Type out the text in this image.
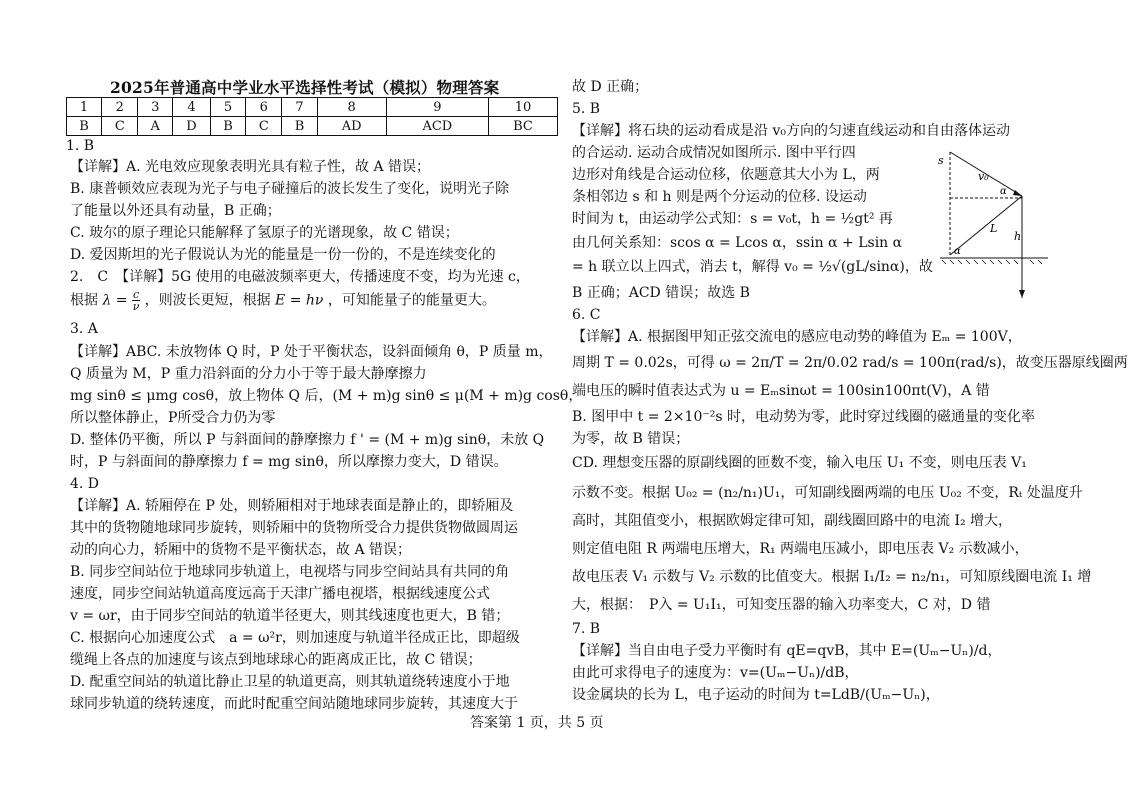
2025年普通高中学业水平选择性考试（模拟）物理答案
1	2	3	4	5	6	7	8	9	10
B	C	A	D	B	C	B	AD	ACD	BC
1. B
【详解】A. 光电效应现象表明光具有粒子性，故 A 错误；
B. 康普顿效应表现为光子与电子碰撞后的波长发生了变化，说明光子除
了能量以外还具有动量，B 正确；
C. 玻尔的原子理论只能解释了氢原子的光谱现象，故 C 错误；
D. 爱因斯坦的光子假说认为光的能量是一份一份的，不是连续变化的
2.　C　【详解】5G 使用的电磁波频率更大，传播速度不变，均为光速 c，
根据 $\lambda = \frac{c}{\nu}$ ，则波长更短，根据 E = hν ，可知能量子的能量更大。
3. A
【详解】ABC. 未放物体 Q 时，P 处于平衡状态，设斜面倾角 θ，P 质量 m，
Q 质量为 M，P 重力沿斜面的分力小于等于最大静摩擦力
mg sinθ ≤ μmg cosθ，放上物体 Q 后，(M + m)g sinθ ≤ μ(M + m)g cosθ，
所以整体静止，P所受合力仍为零
D. 整体仍平衡，所以 P 与斜面间的静摩擦力 f ' = (M + m)g sinθ，未放 Q
时，P 与斜面间的静摩擦力 f = mg sinθ，所以摩擦力变大，D 错误。
4. D
【详解】A. 轿厢停在 P 处，则轿厢相对于地球表面是静止的，即轿厢及
其中的货物随地球同步旋转，则轿厢中的货物所受合力提供货物做圆周运
动的向心力，轿厢中的货物不是平衡状态，故 A 错误；
B. 同步空间站位于地球同步轨道上，电视塔与同步空间站具有共同的角
速度，同步空间站轨道高度远高于天津广播电视塔，根据线速度公式
v = ωr，由于同步空间站的轨道半径更大，则其线速度也更大，B 错；
C. 根据向心加速度公式　a = ω²r，则加速度与轨道半径成正比，即超级
缆绳上各点的加速度与该点到地球球心的距离成正比，故 C 错误；
D. 配重空间站的轨道比静止卫星的轨道更高，则其轨道绕转速度小于地
球同步轨道的绕转速度，而此时配重空间站随地球同步旋转，其速度大于
故 D 正确；
5. B
【详解】将石块的运动看成是沿 v₀方向的匀速直线运动和自由落体运动
的合运动. 运动合成情况如图所示. 图中平行四
边形对角线是合运动位移，依题意其大小为 L，两
条相邻边 s 和 h 则是两个分运动的位移. 设运动
时间为 t，由运动学公式知：s = v₀t，h = ½gt² 再
由几何关系知：scos α = Lcos α，ssin α + Lsin α
= h 联立以上四式，消去 t，解得 v₀ = ½√(gL/sinα)，故
B 正确；ACD 错误；故选 B
6. C
【详解】A. 根据图甲知正弦交流电的感应电动势的峰值为 Eₘ = 100V，
周期 T = 0.02s，可得 ω = 2π/T = 2π/0.02 rad/s = 100π(rad/s)，故变压器原线圈两
端电压的瞬时值表达式为 u = Eₘsinωt = 100sin100πt(V)，A 错
B. 图甲中 t = 2×10⁻²s 时，电动势为零，此时穿过线圈的磁通量的变化率
为零，故 B 错误；
CD. 理想变压器的原副线圈的匝数不变，输入电压 U₁ 不变，则电压表 V₁
示数不变。根据 U₀₂ = (n₂/n₁)U₁，可知副线圈两端的电压 U₀₂ 不变，Rₜ 处温度升
高时，其阻值变小，根据欧姆定律可知，副线圈回路中的电流 I₂ 增大，
则定值电阻 R 两端电压增大，R₁ 两端电压减小，即电压表 V₂ 示数减小，
故电压表 V₁ 示数与 V₂ 示数的比值变大。根据 I₁/I₂ = n₂/n₁，可知原线圈电流 I₁ 增
大，根据：　P入 = U₁I₁，可知变压器的输入功率变大，C 对，D 错
7. B
【详解】当自由电子受力平衡时有 qE=qvB，其中 E=(Uₘ−Uₙ)/d，
由此可求得电子的速度为：v=(Uₘ−Uₙ)/dB，
设金属块的长为 L，电子运动的时间为 t=LdB/(Uₘ−Uₙ)，
s
v₀
α
L
h
α
答案第 1 页，共 5 页
